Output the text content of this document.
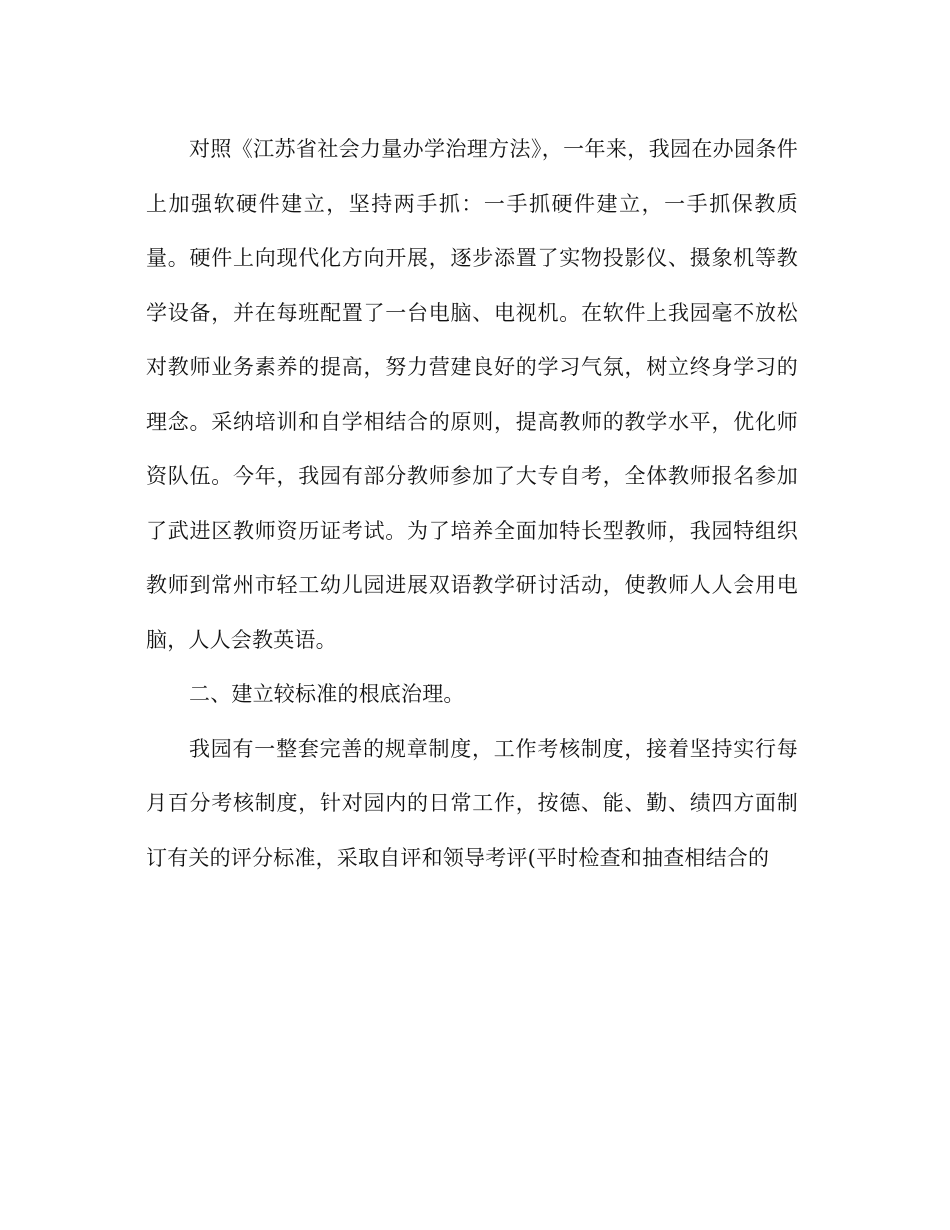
对照《江苏省社会力量办学治理方法》，一年来，我园在办园条件上加强软硬件建立，坚持两手抓：一手抓硬件建立，一手抓保教质量。硬件上向现代化方向开展，逐步添置了实物投影仪、摄象机等教学设备，并在每班配置了一台电脑、电视机。在软件上我园毫不放松对教师业务素养的提高，努力营建良好的学习气氛，树立终身学习的理念。采纳培训和自学相结合的原则，提高教师的教学水平，优化师资队伍。今年，我园有部分教师参加了大专自考，全体教师报名参加了武进区教师资历证考试。为了培养全面加特长型教师，我园特组织教师到常州市轻工幼儿园进展双语教学研讨活动，使教师人人会用电脑，人人会教英语。

二、建立较标准的根底治理。

我园有一整套完善的规章制度，工作考核制度，接着坚持实行每月百分考核制度，针对园内的日常工作，按德、能、勤、绩四方面制订有关的评分标准，采取自评和领导考评(平时检查和抽查相结合的
